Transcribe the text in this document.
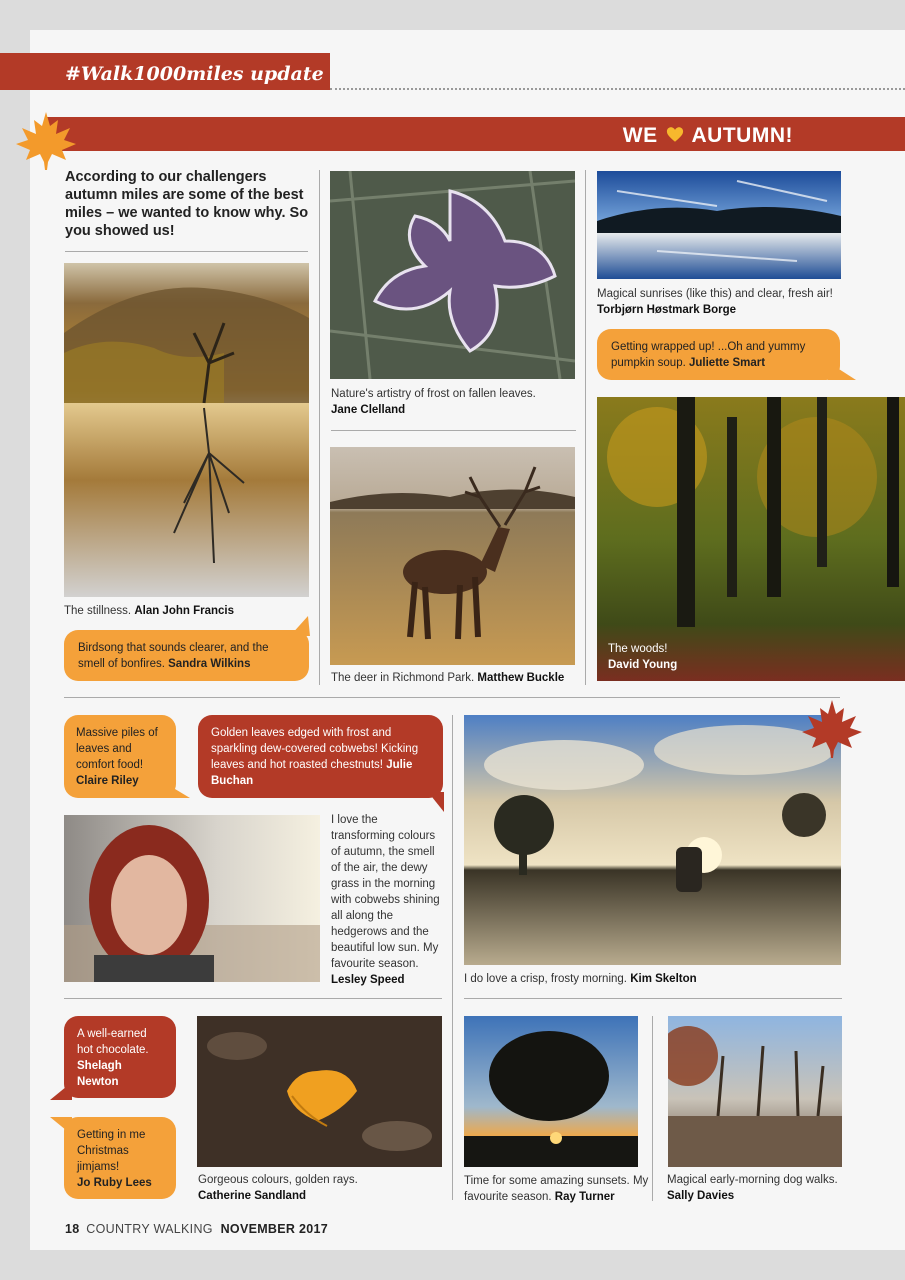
#Walk1000miles update
WE AUTUMN!
According to our challengers autumn miles are some of the best miles – we wanted to know why. So you showed us!
The stillness. Alan John Francis
Birdsong that sounds clearer, and the smell of bonfires. Sandra Wilkins
Nature's artistry of frost on fallen leaves.
Jane Clelland
The deer in Richmond Park. Matthew Buckle
Magical sunrises (like this) and clear, fresh air!
Torbjørn Høstmark Borge
Getting wrapped up! ...Oh and yummy pumpkin soup. Juliette Smart
The woods!
David Young
Massive piles of leaves and comfort food!
Claire Riley
Golden leaves edged with frost and sparkling dew-covered cobwebs! Kicking leaves and hot roasted chestnuts! Julie Buchan
I love the transforming colours of autumn, the smell of the air, the dewy grass in the morning with cobwebs shining all along the hedgerows and the beautiful low sun. My favourite season.
Lesley Speed	I do love a crisp, frosty morning. Kim Skelton
A well-earned hot chocolate.
Shelagh Newton
Getting in me Christmas jimjams!
Jo Ruby Lees	Gorgeous colours, golden rays.
Catherine Sandland
Time for some amazing sunsets. My favourite season. Ray Turner
Magical early-morning dog walks. Sally Davies
18 COUNTRY WALKING NOVEMBER 2017
